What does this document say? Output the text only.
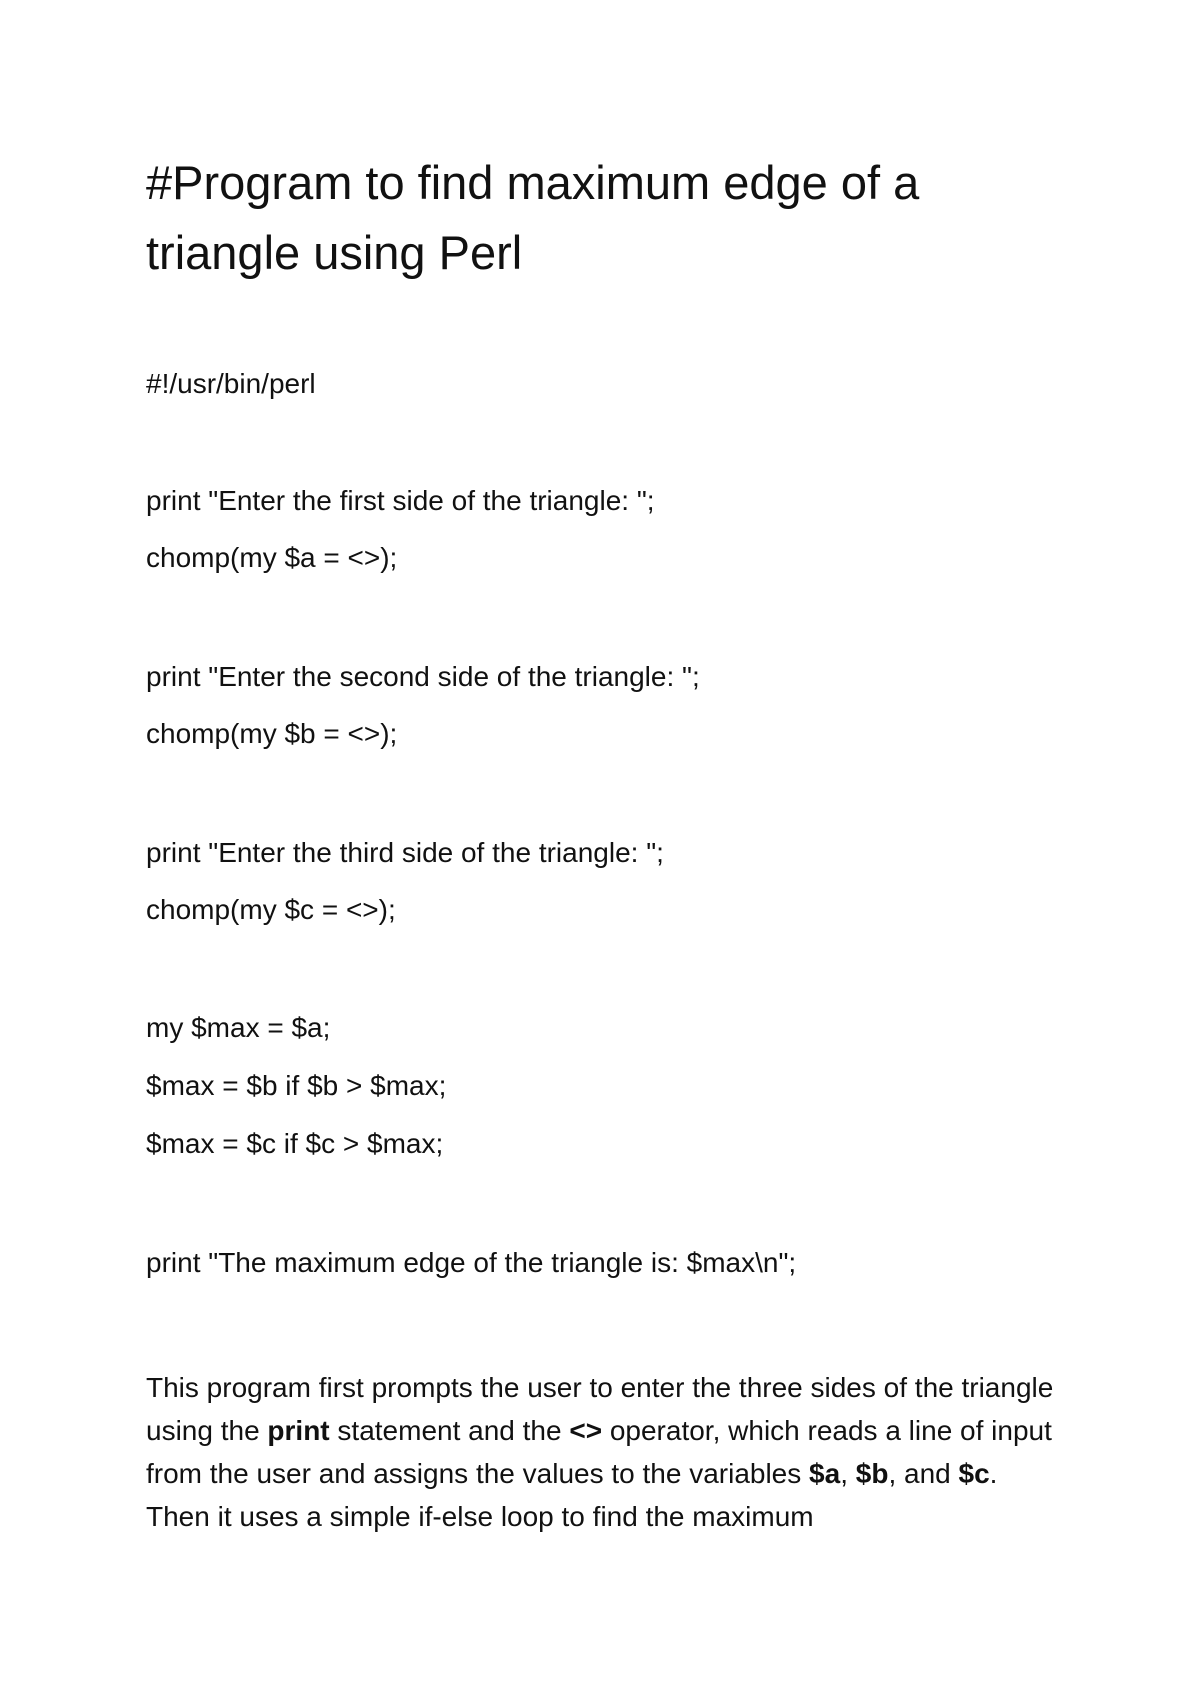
#Program to find maximum edge of a triangle using Perl
#!/usr/bin/perl
print "Enter the first side of the triangle: ";
chomp(my $a = <>);
print "Enter the second side of the triangle: ";
chomp(my $b = <>);
print "Enter the third side of the triangle: ";
chomp(my $c = <>);
my $max = $a;
$max = $b if $b > $max;
$max = $c if $c > $max;
print "The maximum edge of the triangle is: $max\n";

This program first prompts the user to enter the three sides of the triangle using the print statement and the <> operator, which reads a line of input from the user and assigns the values to the variables $a, $b, and $c. Then it uses a simple if-else loop to find the maximum
